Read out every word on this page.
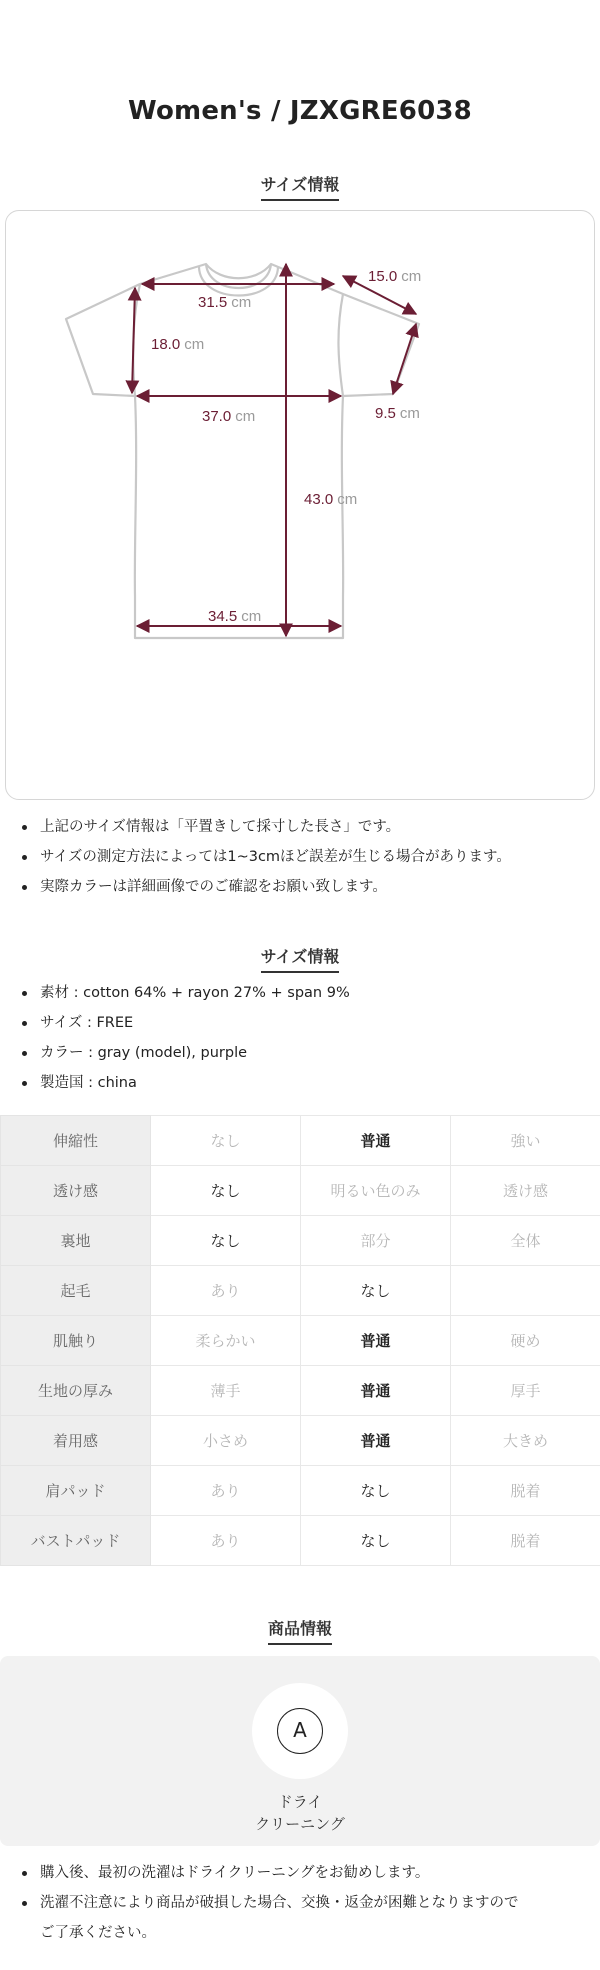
Women's / JZXGRE6038
サイズ情報
31.5 cm
15.0 cm
18.0 cm
37.0 cm	9.5 cm
43.0 cm
34.5 cm
上記のサイズ情報は「平置きして採寸した長さ」です。
サイズの測定方法によっては1~3cmほど誤差が生じる場合があります。
実際カラーは詳細画像でのご確認をお願い致します。
サイズ情報
素材 : cotton 64% + rayon 27% + span 9%
サイズ : FREE
カラー : gray (model), purple
製造国 : china
伸縮性	なし	普通	強い
透け感	なし	明るい色のみ	透け感
裏地	なし	部分	全体
起毛	あり	なし	
肌触り	柔らかい	普通	硬め
生地の厚み	薄手	普通	厚手
着用感	小さめ	普通	大きめ
肩パッド	あり	なし	脱着
バストパッド	あり	なし	脱着
商品情報
A
ドライ
クリーニング
購入後、最初の洗濯はドライクリーニングをお勧めします。
洗濯不注意により商品が破損した場合、交換・返金が困難となりますので
ご了承ください。
